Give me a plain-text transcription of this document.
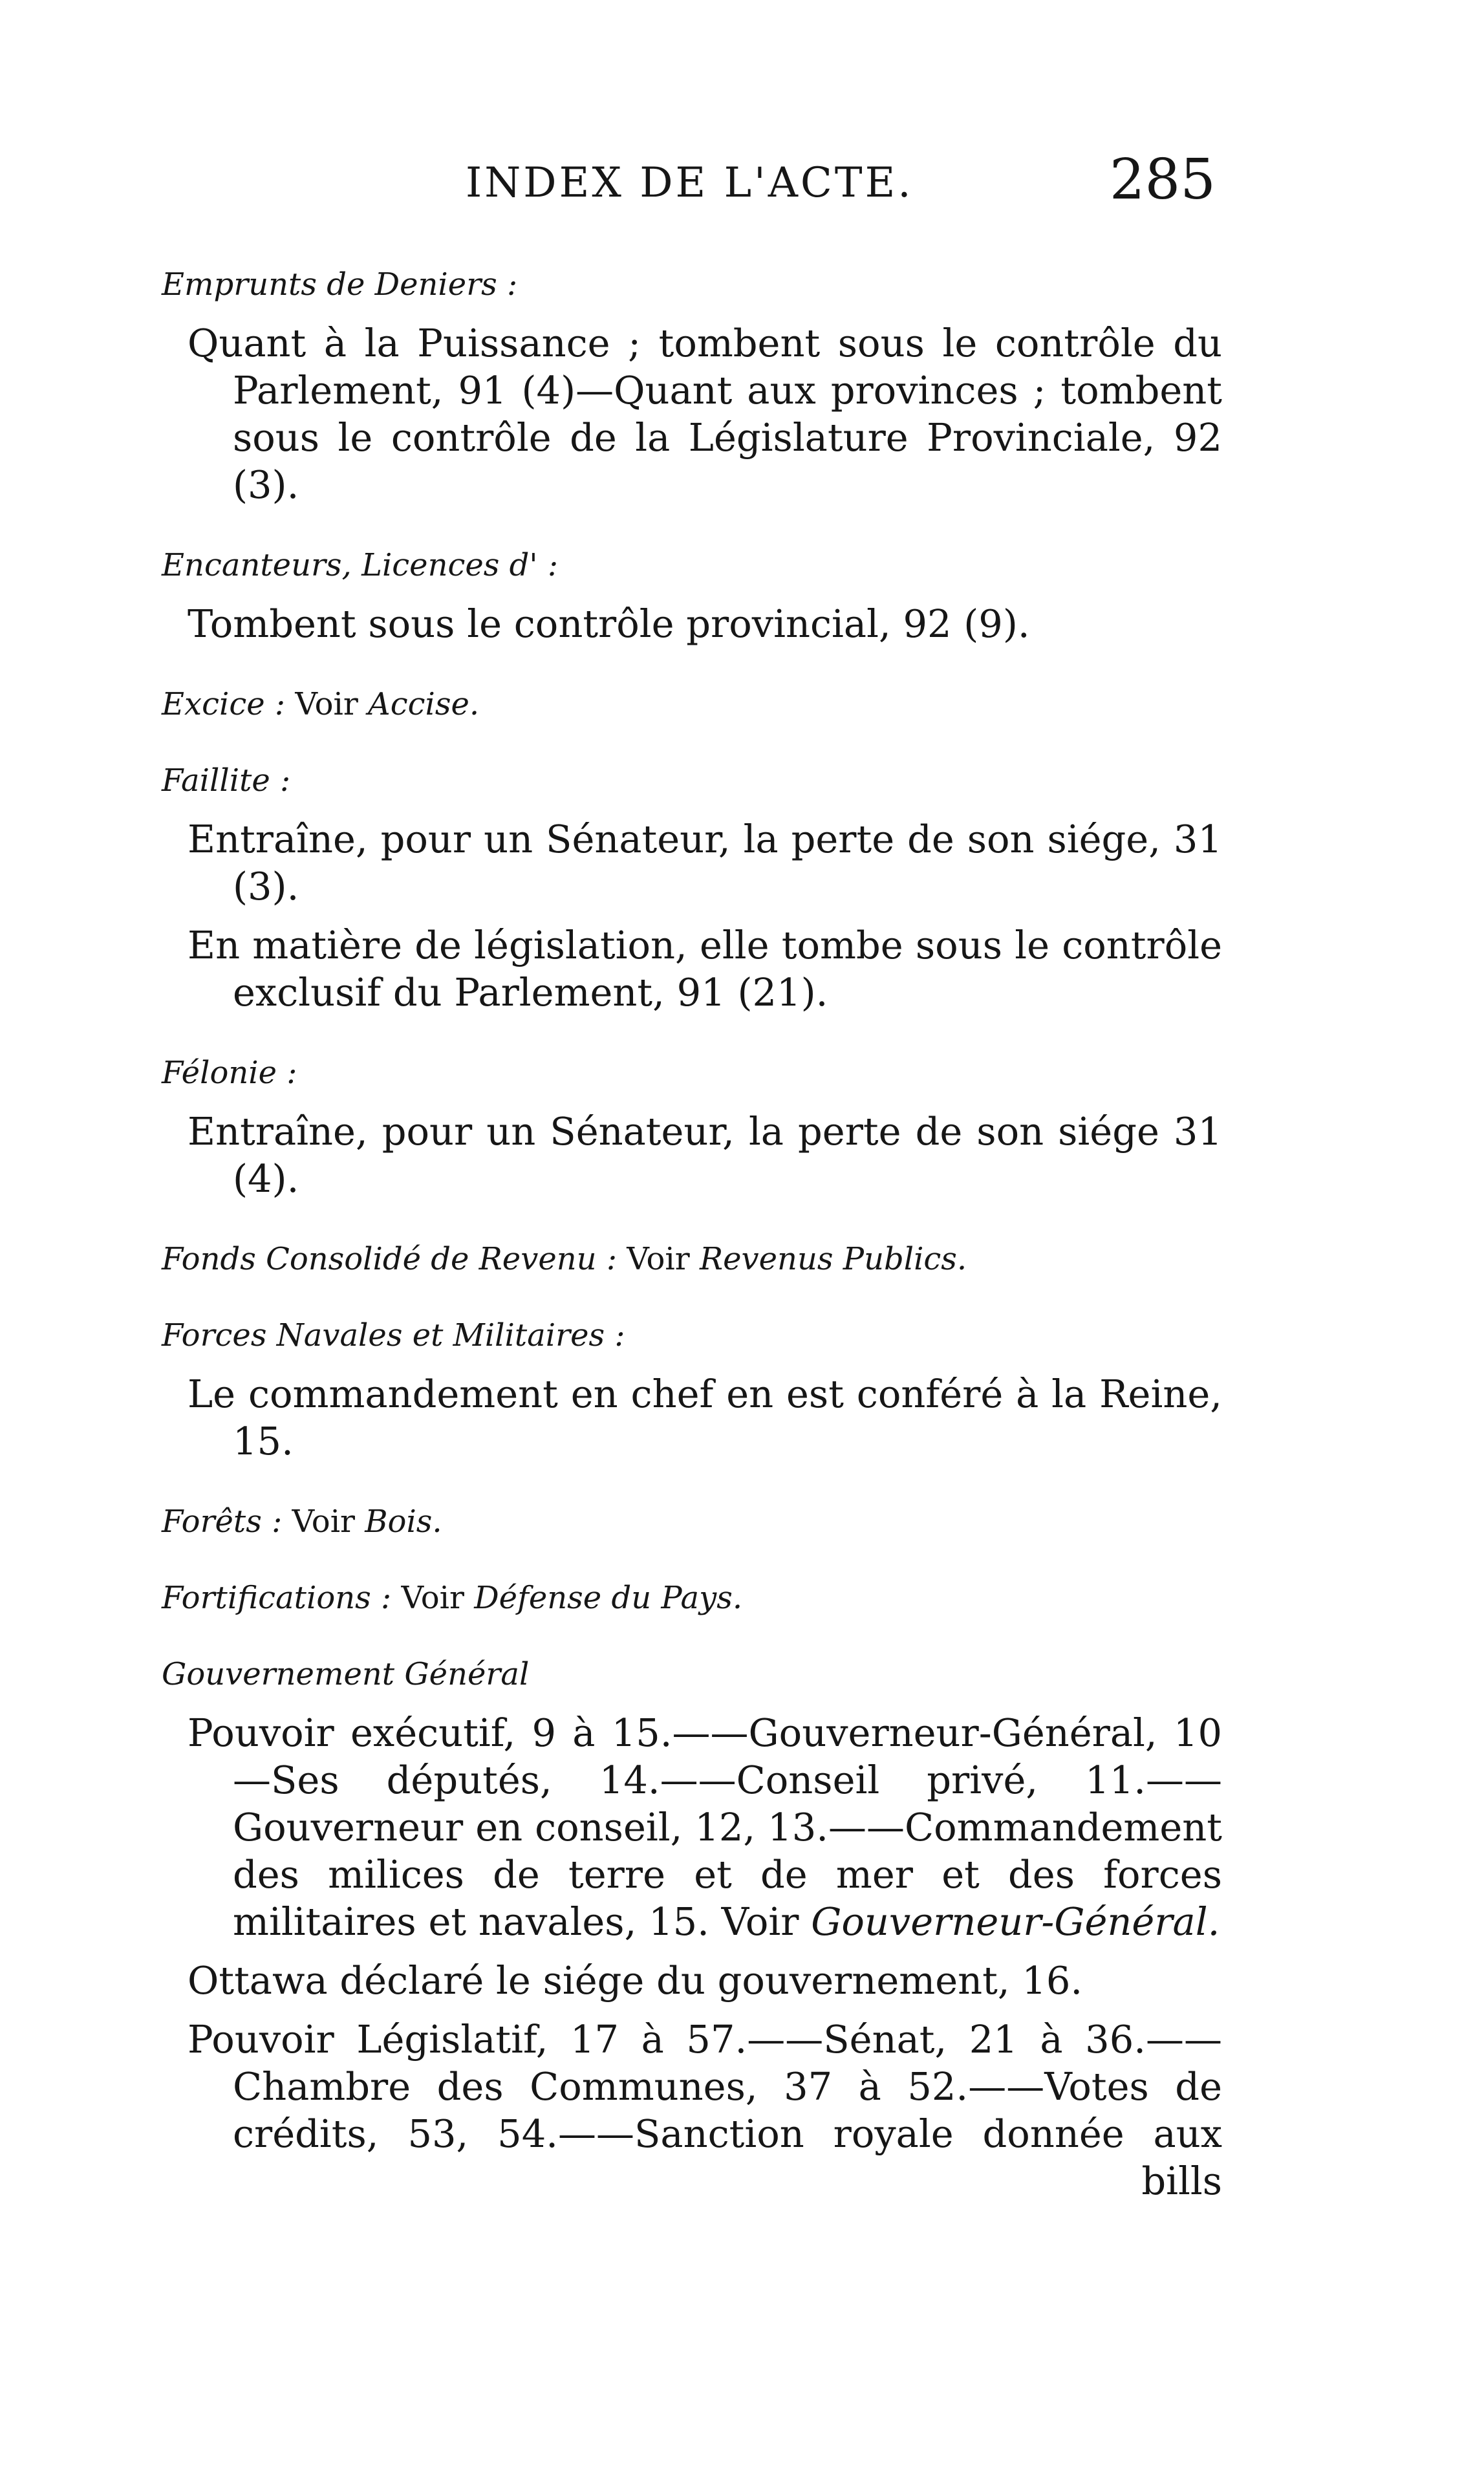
INDEX DE L'ACTE.	285

Emprunts de Deniers :

Quant à la Puissance ; tombent sous le contrôle du Parlement, 91 (4)—Quant aux provinces ; tombent sous le contrôle de la Législature Provinciale, 92 (3).

Encanteurs, Licences d' :

Tombent sous le contrôle provincial, 92 (9).

Excice : Voir Accise.

Faillite :

Entraîne, pour un Sénateur, la perte de son siége, 31 (3).

En matière de législation, elle tombe sous le contrôle exclusif du Parlement, 91 (21).

Félonie :

Entraîne, pour un Sénateur, la perte de son siége 31 (4).

Fonds Consolidé de Revenu : Voir Revenus Publics.

Forces Navales et Militaires :

Le commandement en chef en est conféré à la Reine, 15.

Forêts : Voir Bois.

Fortifications : Voir Défense du Pays.

Gouvernement Général

Pouvoir exécutif, 9 à 15.——Gouverneur-Général, 10 —Ses députés, 14.——Conseil privé, 11.——Gouverneur en conseil, 12, 13.——Commandement des milices de terre et de mer et des forces militaires et navales, 15. Voir Gouverneur-Général.

Ottawa déclaré le siége du gouvernement, 16.

Pouvoir Législatif, 17 à 57.——Sénat, 21 à 36.—— Chambre des Communes, 37 à 52.——Votes de crédits, 53, 54.——Sanction royale donnée aux bills
